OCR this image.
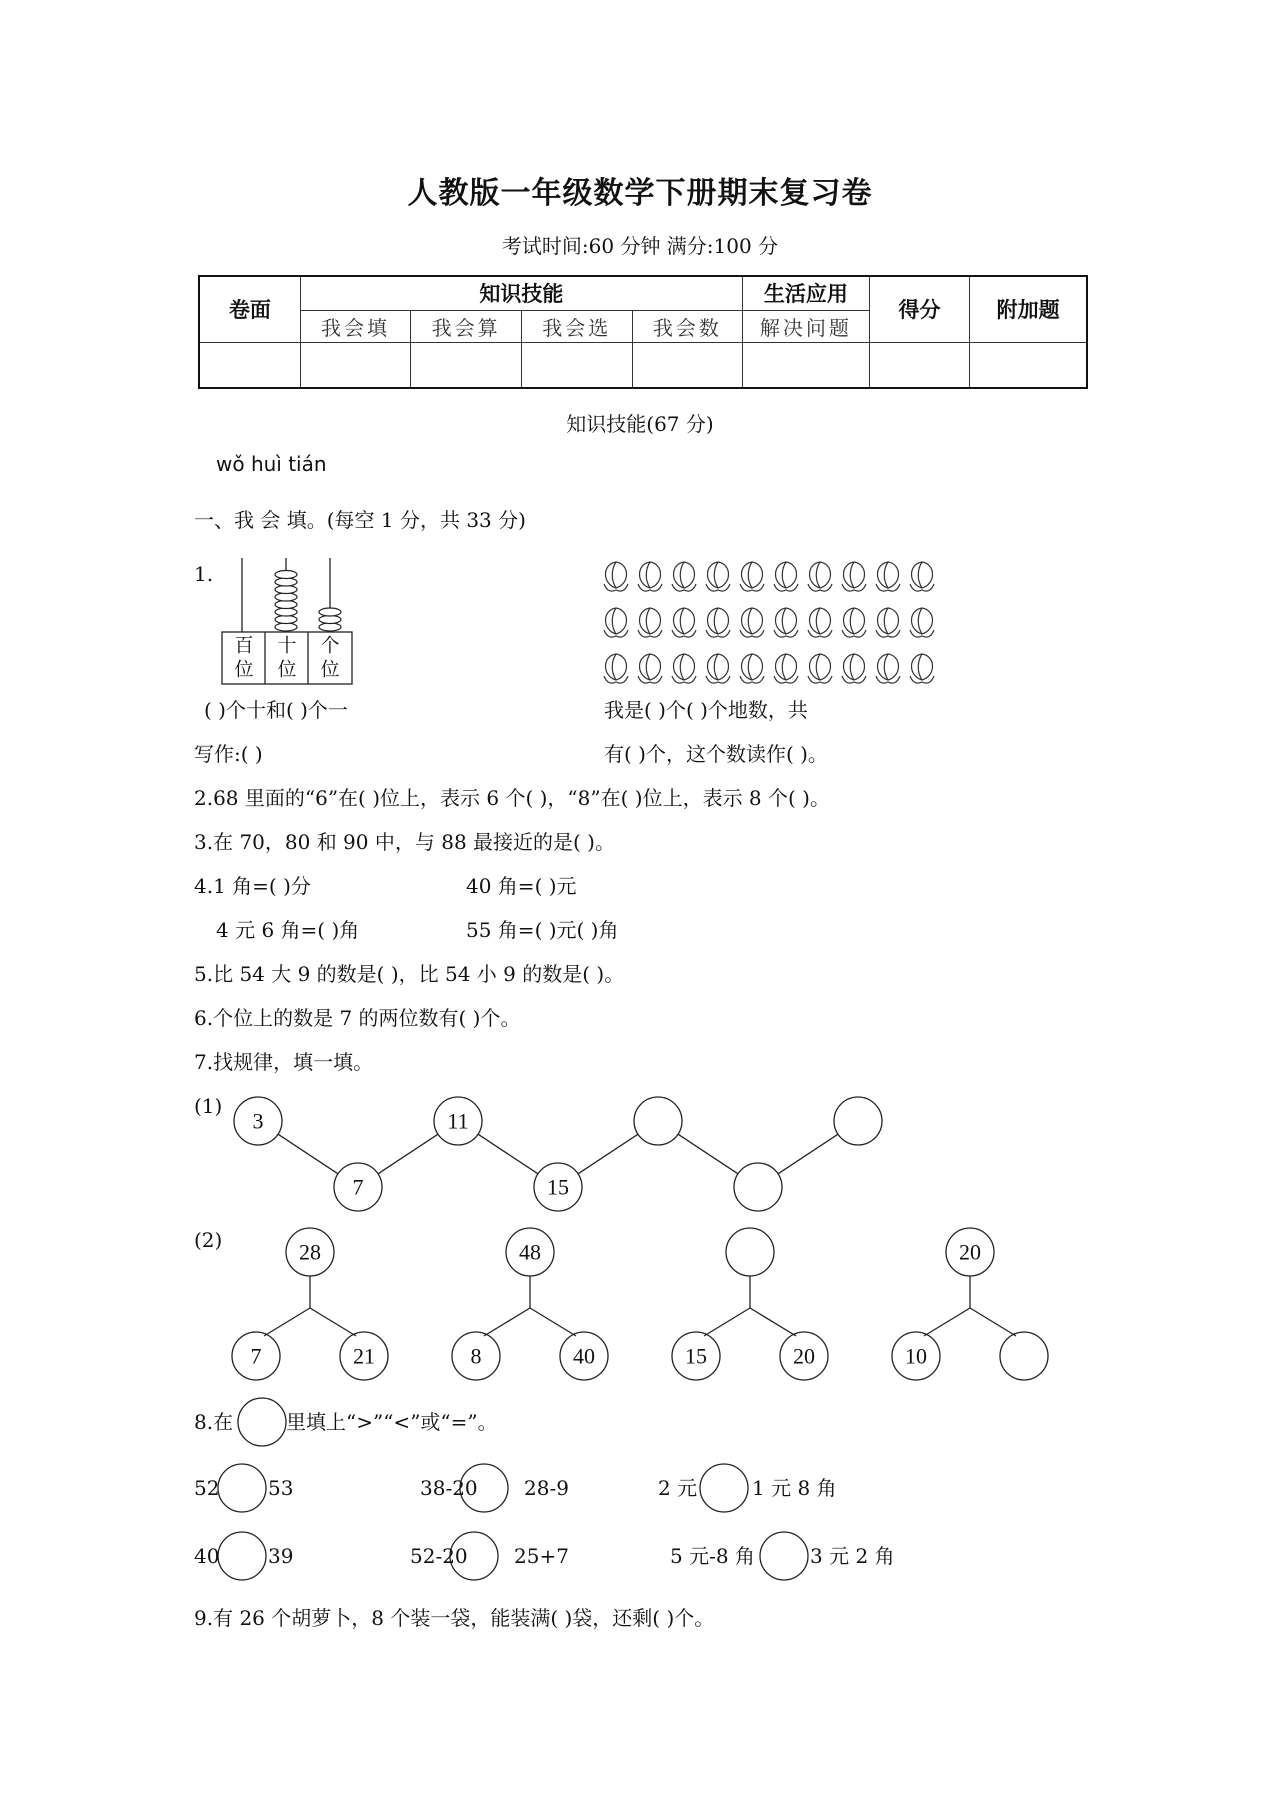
人教版一年级数学下册期末复习卷
考试时间:60 分钟 满分:100 分
卷面	知识技能				生活应用	得分	附加题
	我会填	我会算	我会选	我会数	解决问题		

知识技能(67 分)
wǒ huì tián
一、我 会 填。(每空 1 分，共 33 分)
1.
百
位
十
位
个
位
3	11
7	15
28
7	21
48
8	40	15	20
20
10
( )个十和( )个一
写作:( )
我是( )个( )个地数，共
有( )个，这个数读作( )。
2.68 里面的“6”在( )位上，表示 6 个( )，“8”在( )位上，表示 8 个( )。
3.在 70，80 和 90 中，与 88 最接近的是( )。
4.1 角=( )分	40 角=( )元
4 元 6 角=( )角	55 角=( )元( )角
5.比 54 大 9 的数是( )，比 54 小 9 的数是( )。
6.个位上的数是 7 的两位数有( )个。
7.找规律，填一填。
(1)
(2)
8.在	里填上“>”“<”或“=”。
52 53	38-20 28-9	2 元	1 元 8 角
40 39	52-20 25+7	5 元-8 角	3 元 2 角
9.有 26 个胡萝卜，8 个装一袋，能装满( )袋，还剩( )个。
